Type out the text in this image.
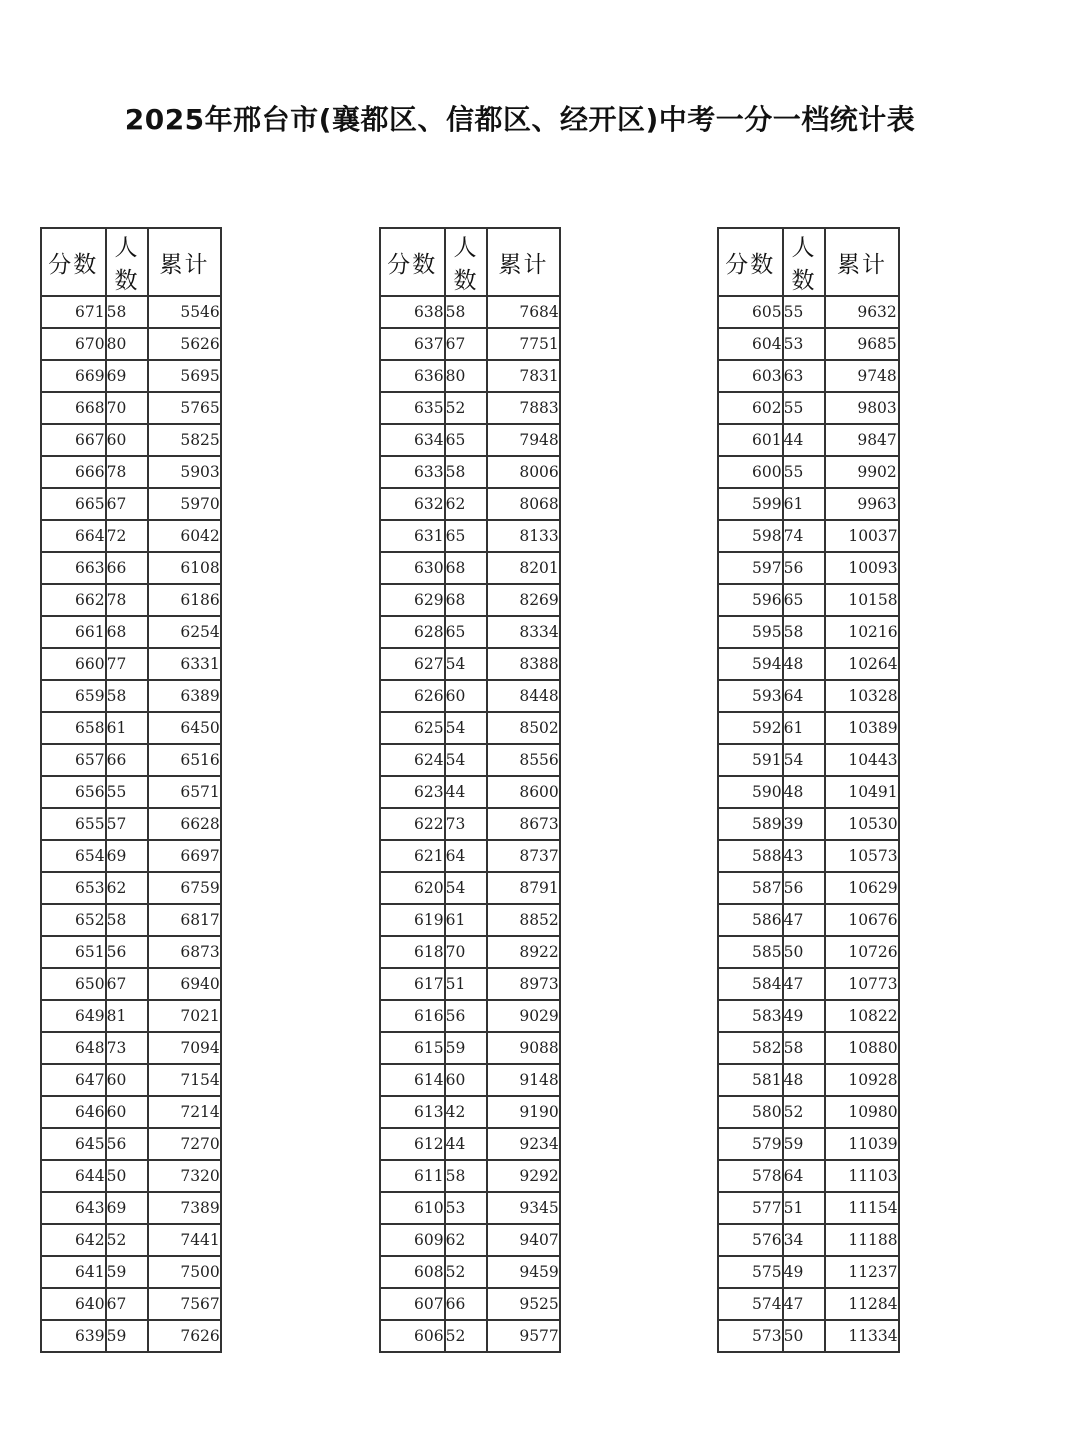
2025年邢台市(襄都区、信都区、经开区)中考一分一档统计表
分数	人数	累计
671	58	5546
670	80	5626
669	69	5695
668	70	5765
667	60	5825
666	78	5903
665	67	5970
664	72	6042
663	66	6108
662	78	6186
661	68	6254
660	77	6331
659	58	6389
658	61	6450
657	66	6516
656	55	6571
655	57	6628
654	69	6697
653	62	6759
652	58	6817
651	56	6873
650	67	6940
649	81	7021
648	73	7094
647	60	7154
646	60	7214
645	56	7270
644	50	7320
643	69	7389
642	52	7441
641	59	7500
640	67	7567
639	59	7626
分数	人数	累计
638	58	7684
637	67	7751
636	80	7831
635	52	7883
634	65	7948
633	58	8006
632	62	8068
631	65	8133
630	68	8201
629	68	8269
628	65	8334
627	54	8388
626	60	8448
625	54	8502
624	54	8556
623	44	8600
622	73	8673
621	64	8737
620	54	8791
619	61	8852
618	70	8922
617	51	8973
616	56	9029
615	59	9088
614	60	9148
613	42	9190
612	44	9234
611	58	9292
610	53	9345
609	62	9407
608	52	9459
607	66	9525
606	52	9577
分数	人数	累计
605	55	9632
604	53	9685
603	63	9748
602	55	9803
601	44	9847
600	55	9902
599	61	9963
598	74	10037
597	56	10093
596	65	10158
595	58	10216
594	48	10264
593	64	10328
592	61	10389
591	54	10443
590	48	10491
589	39	10530
588	43	10573
587	56	10629
586	47	10676
585	50	10726
584	47	10773
583	49	10822
582	58	10880
581	48	10928
580	52	10980
579	59	11039
578	64	11103
577	51	11154
576	34	11188
575	49	11237
574	47	11284
573	50	11334
